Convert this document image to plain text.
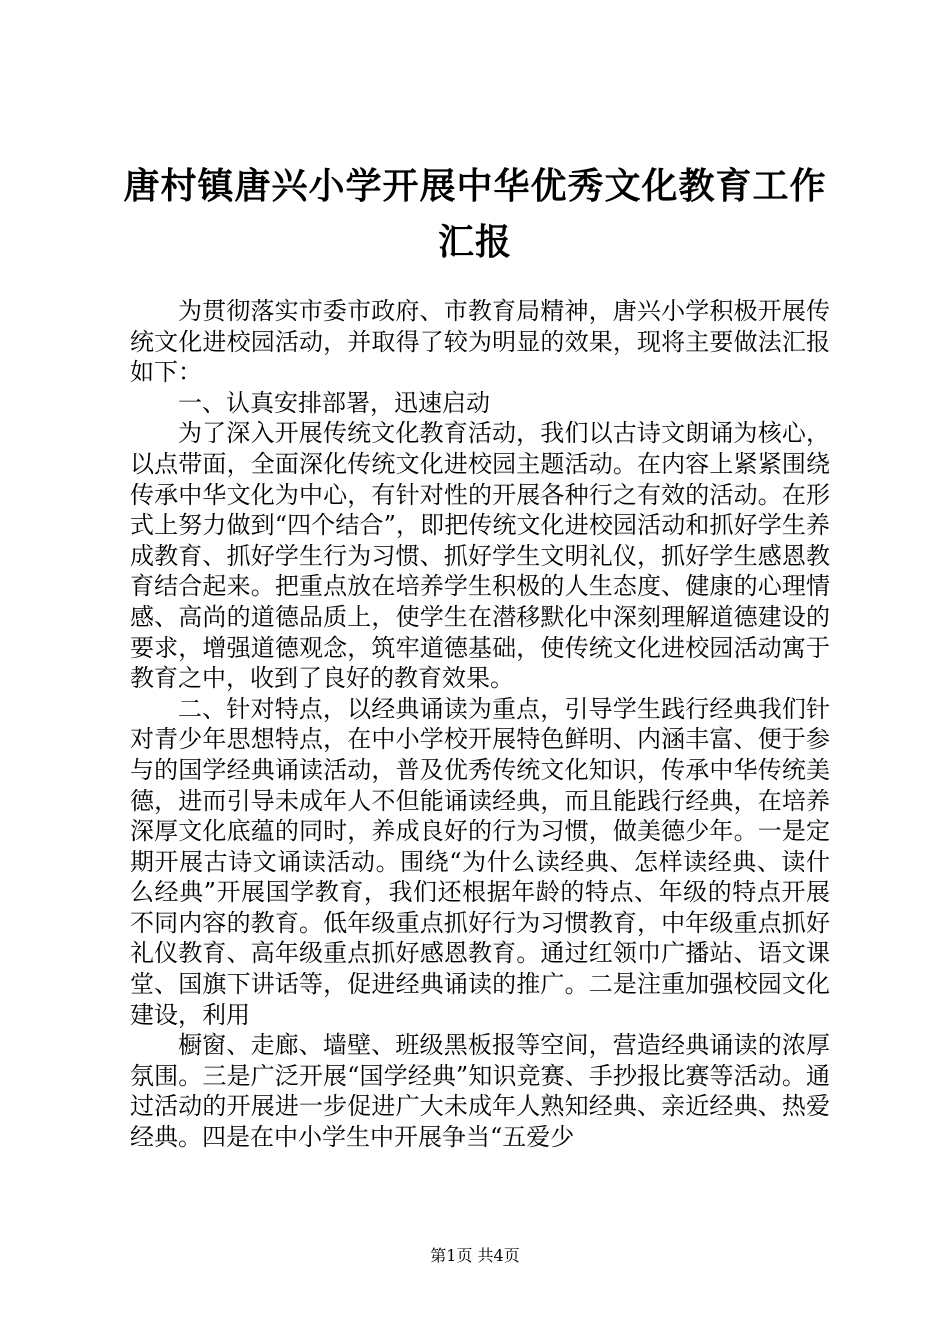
唐村镇唐兴小学开展中华优秀文化教育工作汇报

为贯彻落实市委市政府、市教育局精神，唐兴小学积极开展传统文化进校园活动，并取得了较为明显的效果，现将主要做法汇报如下：

一、认真安排部署，迅速启动

为了深入开展传统文化教育活动，我们以古诗文朗诵为核心，以点带面，全面深化传统文化进校园主题活动。在内容上紧紧围绕传承中华文化为中心，有针对性的开展各种行之有效的活动。在形式上努力做到“四个结合”，即把传统文化进校园活动和抓好学生养成教育、抓好学生行为习惯、抓好学生文明礼仪，抓好学生感恩教育结合起来。把重点放在培养学生积极的人生态度、健康的心理情感、高尚的道德品质上，使学生在潜移默化中深刻理解道德建设的要求，增强道德观念，筑牢道德基础，使传统文化进校园活动寓于教育之中，收到了良好的教育效果。

二、针对特点，以经典诵读为重点，引导学生践行经典我们针对青少年思想特点，在中小学校开展特色鲜明、内涵丰富、便于参与的国学经典诵读活动，普及优秀传统文化知识，传承中华传统美德，进而引导未成年人不但能诵读经典，而且能践行经典，在培养深厚文化底蕴的同时，养成良好的行为习惯，做美德少年。一是定期开展古诗文诵读活动。围绕“为什么读经典、怎样读经典、读什么经典”开展国学教育，我们还根据年龄的特点、年级的特点开展不同内容的教育。低年级重点抓好行为习惯教育，中年级重点抓好礼仪教育、高年级重点抓好感恩教育。通过红领巾广播站、语文课堂、国旗下讲话等，促进经典诵读的推广。二是注重加强校园文化建设，利用

橱窗、走廊、墙壁、班级黑板报等空间，营造经典诵读的浓厚氛围。三是广泛开展“国学经典”知识竞赛、手抄报比赛等活动。通过活动的开展进一步促进广大未成年人熟知经典、亲近经典、热爱经典。四是在中小学生中开展争当“五爱少

第1页 共4页
